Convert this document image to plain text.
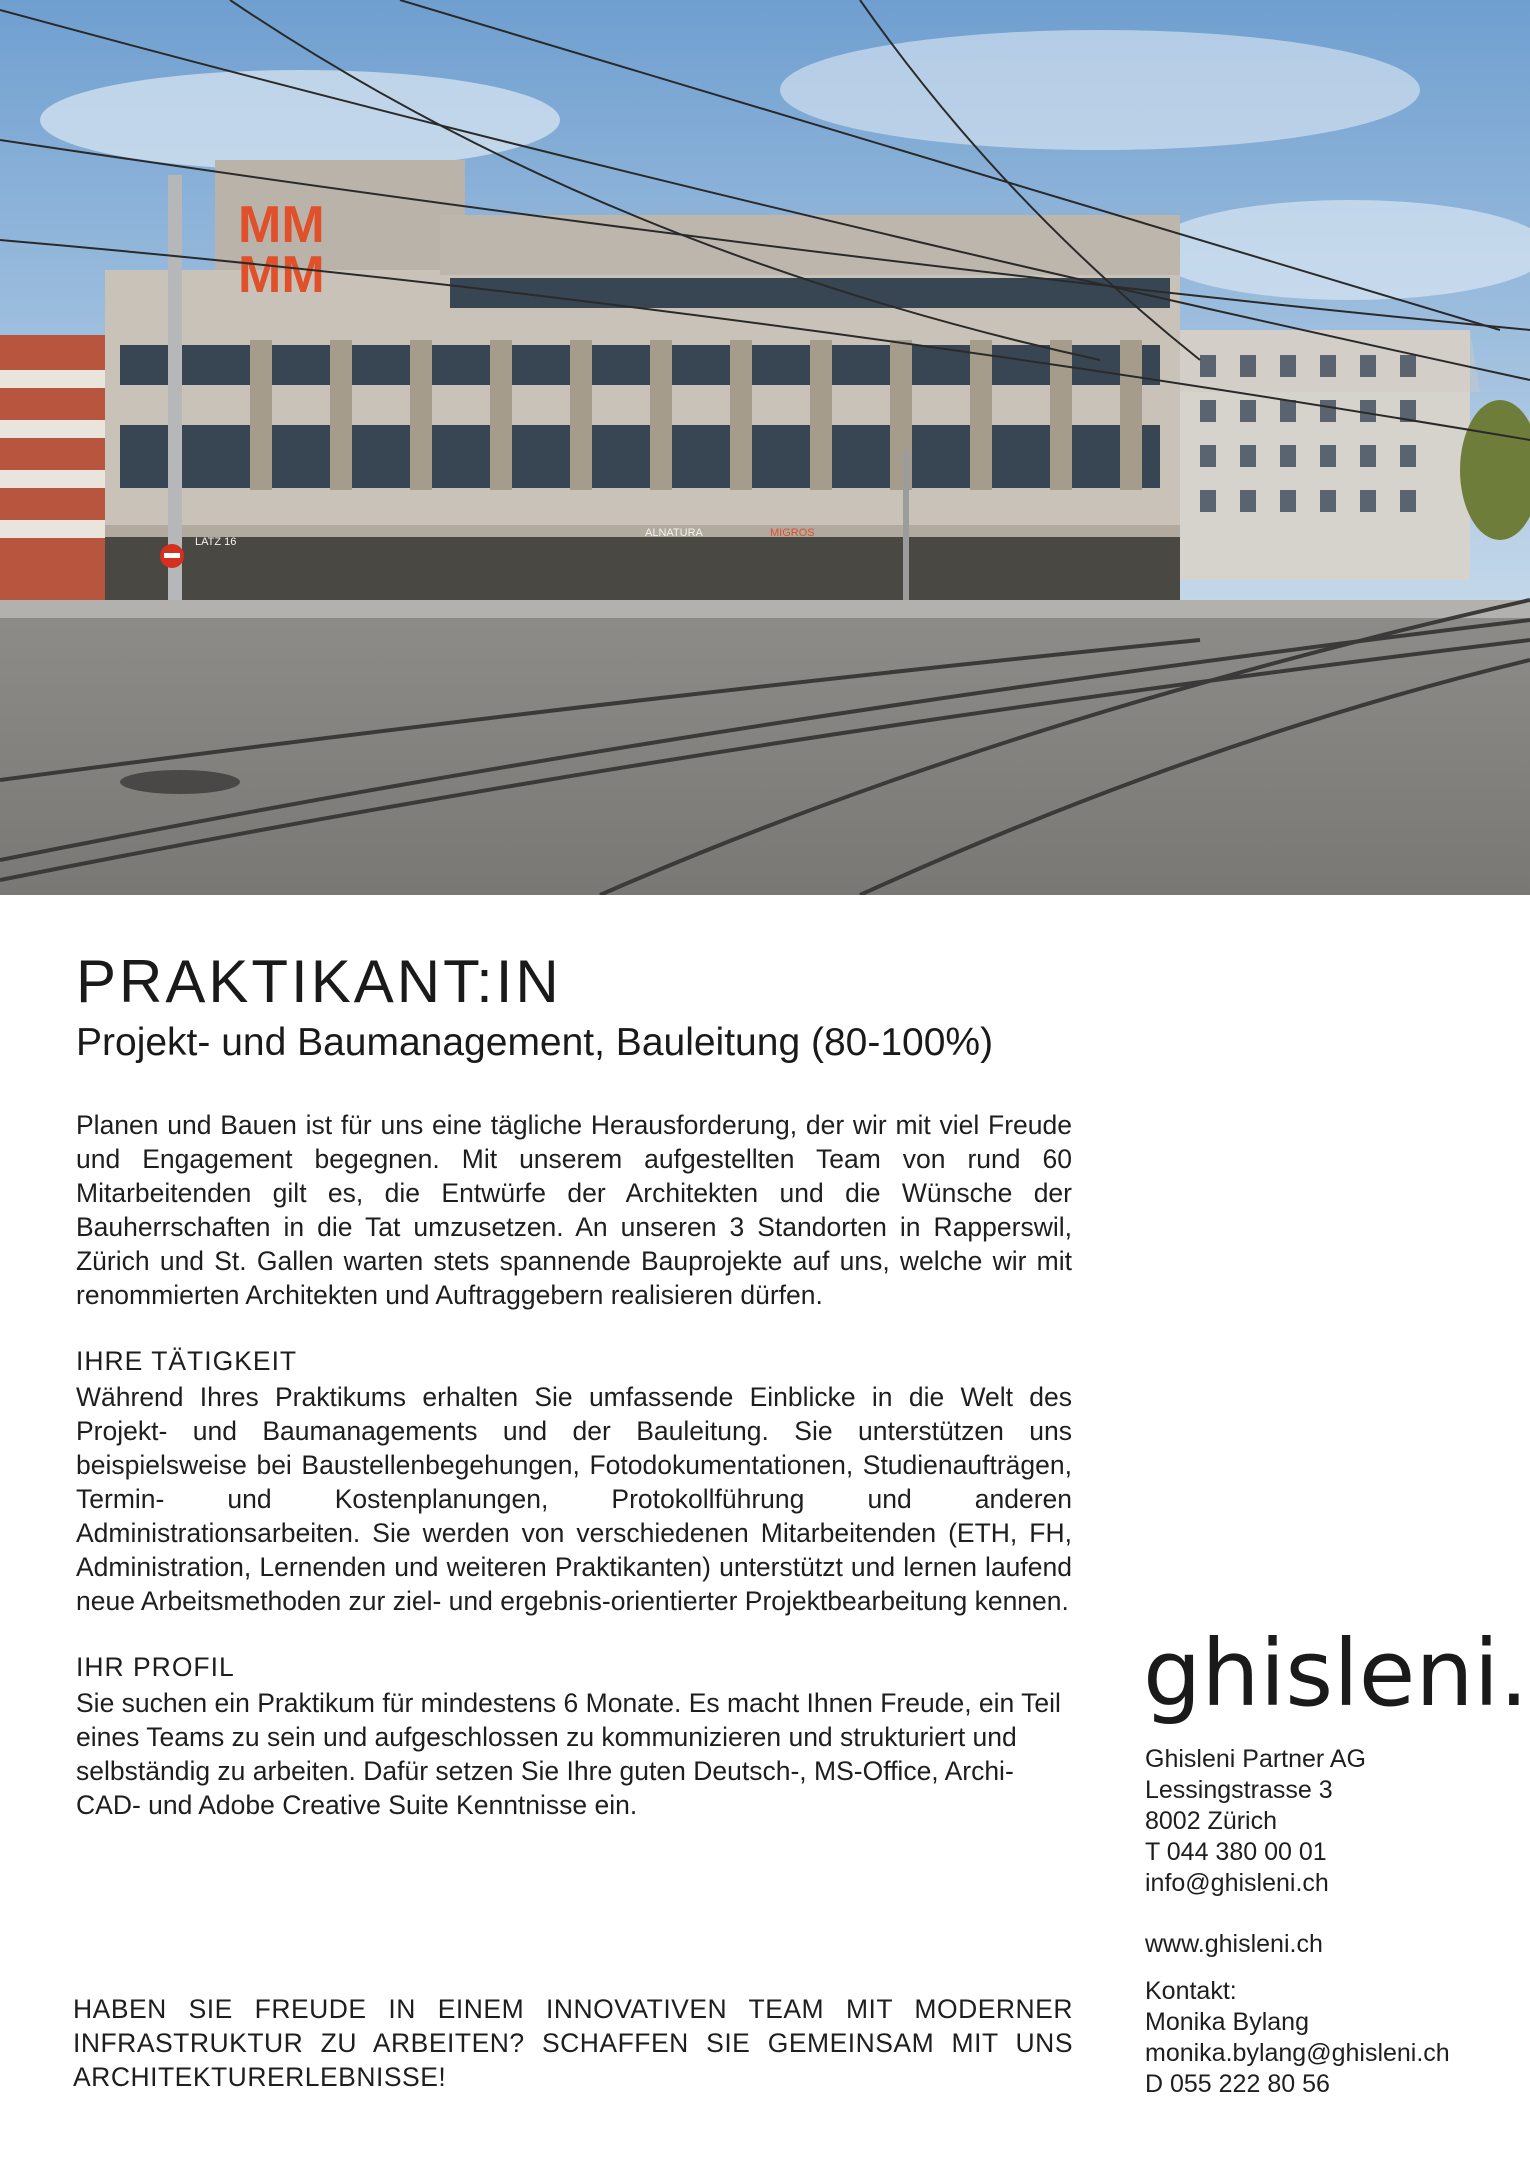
MM
MM
LATZ 16
ALNATURA	MIGROS
PRAKTIKANT:IN
Projekt- und Baumanagement, Bauleitung (80-100%)

Planen und Bauen ist für uns eine tägliche Herausforderung, der wir mit viel Freude und Engagement begegnen. Mit unserem aufgestellten Team von rund 60 Mitarbeitenden gilt es, die Entwürfe der Architekten und die Wünsche der Bauherrschaften in die Tat umzusetzen. An unseren 3 Standorten in Rapperswil, Zürich und St. Gallen warten stets spannende Bauprojekte auf uns, welche wir mit renommierten Architekten und Auftraggebern realisieren dürfen.

IHRE TÄTIGKEIT

Während Ihres Praktikums erhalten Sie umfassende Einblicke in die Welt des Projekt- und Baumanagements und der Bauleitung. Sie unterstützen uns beispielsweise bei Baustellenbegehungen, Fotodokumentationen, Studienaufträgen, Termin- und Kostenplanungen, Protokollführung und anderen Administrationsarbeiten. Sie werden von verschiedenen Mitarbeitenden (ETH, FH, Administration, Lernenden und weiteren Praktikanten) unterstützt und lernen laufend neue Arbeitsmethoden zur ziel- und ergebnis-orientierter Projektbearbeitung kennen.

IHR PROFIL

Sie suchen ein Praktikum für mindestens 6 Monate. Es macht Ihnen Freude, ein Teil eines Teams zu sein und aufgeschlossen zu kommunizieren und strukturiert und selbständig zu arbeiten. Dafür setzen Sie Ihre guten Deutsch-, MS-Office, Archi-CAD- und Adobe Creative Suite Kenntnisse ein.

HABEN SIE FREUDE IN EINEM INNOVATIVEN TEAM MIT MODERNER INFRASTRUKTUR ZU ARBEITEN? SCHAFFEN SIE GEMEINSAM MIT UNS ARCHITEKTURERLEBNISSE!

ghisleni.
Ghisleni Partner AG
Lessingstrasse 3
8002 Zürich
T 044 380 00 01
info@ghisleni.ch
www.ghisleni.ch
Kontakt:
Monika Bylang
monika.bylang@ghisleni.ch
D 055 222 80 56
